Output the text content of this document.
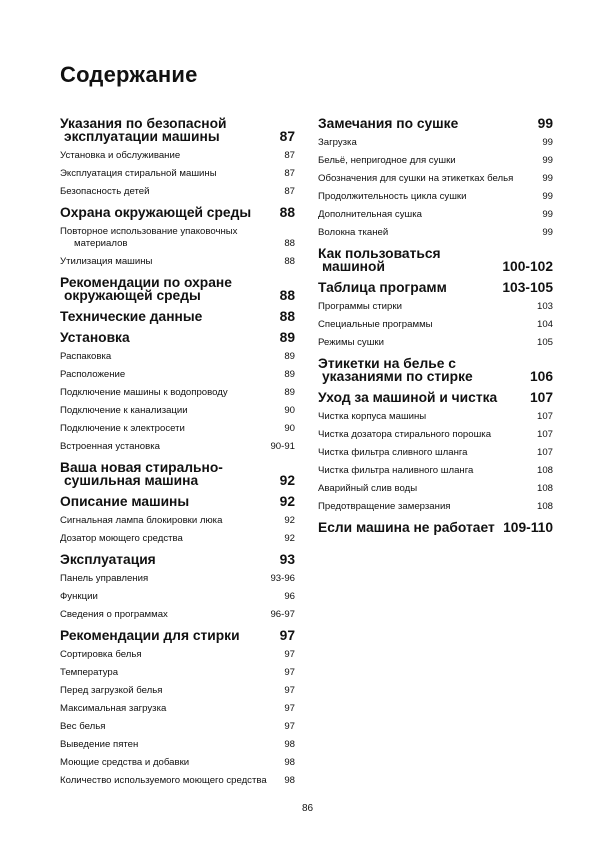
Содержание
Указания по безопасной
эксплуатации машины	87
Установка и обслуживание	87
Эксплуатация стиральной машины	87
Безопасность детей	87
Охрана окружающей среды	88
Повторное использование упаковочных
материалов	88
Утилизация машины	88
Рекомендации по охране
окружающей среды	88
Технические данные	88
Установка	89
Распаковка	89
Расположение	89
Подключение машины к водопроводу	89
Подключение к канализации	90
Подключение к электросети	90
Встроенная установка	90-91
Ваша новая стирально-
сушильная машина	92
Описание машины	92
Сигнальная лампа блокировки люка	92
Дозатор моющего средства	92
Эксплуатация	93
Панель управления	93-96
Функции	96
Сведения о программах	96-97
Рекомендации для стирки	97
Сортировка белья	97
Температура	97
Перед загрузкой белья	97
Максимальная загрузка	97
Вес белья	97
Выведение пятен	98
Моющие средства и добавки	98
Количество используемого моющего средства	98
Замечания по сушке	99
Загрузка	99
Бельё, непригодное для сушки	99
Обозначения для сушки на этикетках белья	99
Продолжительность цикла сушки	99
Дополнительная сушка	99
Волокна тканей	99
Как пользоваться
машиной	100-102
Таблица программ	103-105
Программы стирки	103
Специальные программы	104
Режимы сушки	105
Этикетки на белье с
указаниями по стирке	106
Уход за машиной и чистка	107
Чистка корпуса машины	107
Чистка дозатора стирального порошка	107
Чистка фильтра сливного шланга	107
Чистка фильтра наливного шланга	108
Аварийный слив воды	108
Предотвращение замерзания	108
Если машина не работает 109-110
86
